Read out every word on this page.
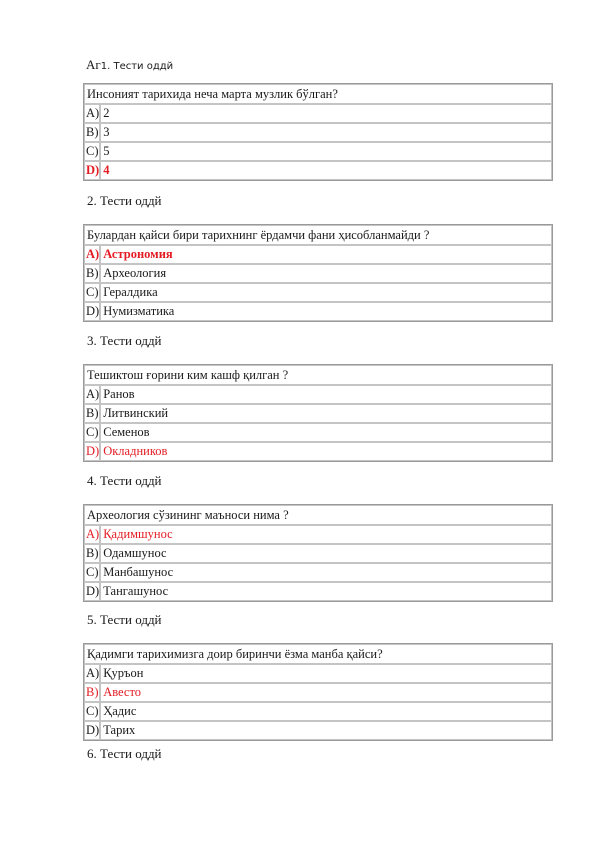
Аг1. Тести оддй
Инсоният тарихида неча марта музлик бўлган?	
A)	2
B)	3
C)	5
D)	4
2. Тести оддй
Булардан қайси бири тарихнинг ёрдамчи фани ҳисобланмайди ?	
A)	Астрономия
B)	Археология
C)	Гералдика
D)	Нумизматика
3. Тести оддй
Тешиктош ғорини ким кашф қилган ?	
A)	Ранов
B)	Литвинский
C)	Семенов
D)	Окладников
4. Тести оддй
Археология сўзининг маъноси нима ?	
A)	Қадимшунос
B)	Одамшунос
C)	Манбашунос
D)	Тангашунос
5. Тести оддй
Қадимги тарихимизга доир биринчи ёзма манба қайси?	
A)	Қуръон
B)	Авесто
C)	Ҳадис
D)	Тарих
6. Тести оддй
